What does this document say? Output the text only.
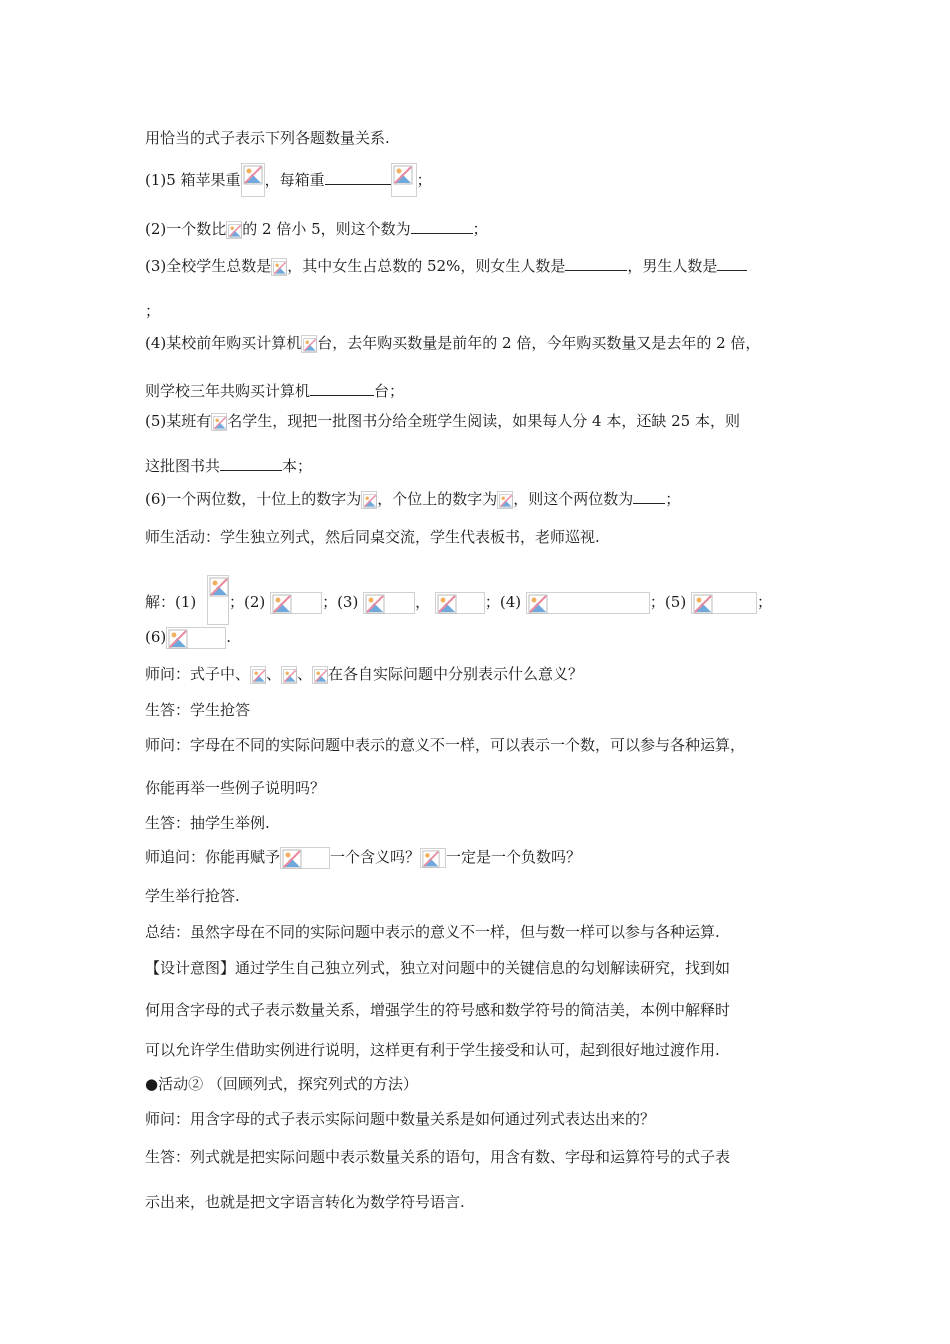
用恰当的式子表示下列各题数量关系.
(1)5 箱苹果重 ，每箱重	；
(2)一个数比 的 2 倍小 5，则这个数为	；
(3)全校学生总数是 ，其中女生占总数的 52%，则女生人数是	，男生人数是
；
(4)某校前年购买计算机 台，去年购买数量是前年的 2 倍，今年购买数量又是去年的 2 倍，
则学校三年共购买计算机	台；
(5)某班有 名学生，现把一批图书分给全班学生阅读，如果每人分 4 本，还缺 25 本，则
这批图书共	本；
(6)一个两位数，十位上的数字为 ，个位上的数字为 ，则这个两位数为 ；
师生活动：学生独立列式，然后同桌交流，学生代表板书，老师巡视.
解：(1) ；(2)	；(3)	，	；(4)	；(5)	；
(6)	.
师问：式子中、 、 、 在各自实际问题中分别表示什么意义？
生答：学生抢答
师问：字母在不同的实际问题中表示的意义不一样，可以表示一个数，可以参与各种运算，
你能再举一些例子说明吗？
生答：抽学生举例.
师追问：你能再赋予	一个含义吗？ 一定是一个负数吗？
学生举行抢答.
总结：虽然字母在不同的实际问题中表示的意义不一样，但与数一样可以参与各种运算.
【设计意图】通过学生自己独立列式，独立对问题中的关键信息的勾划解读研究，找到如
何用含字母的式子表示数量关系，增强学生的符号感和数学符号的简洁美，本例中解释时
可以允许学生借助实例进行说明，这样更有利于学生接受和认可，起到很好地过渡作用.
●活动② （回顾列式，探究列式的方法）
师问：用含字母的式子表示实际问题中数量关系是如何通过列式表达出来的？
生答：列式就是把实际问题中表示数量关系的语句，用含有数、字母和运算符号的式子表
示出来，也就是把文字语言转化为数学符号语言.
